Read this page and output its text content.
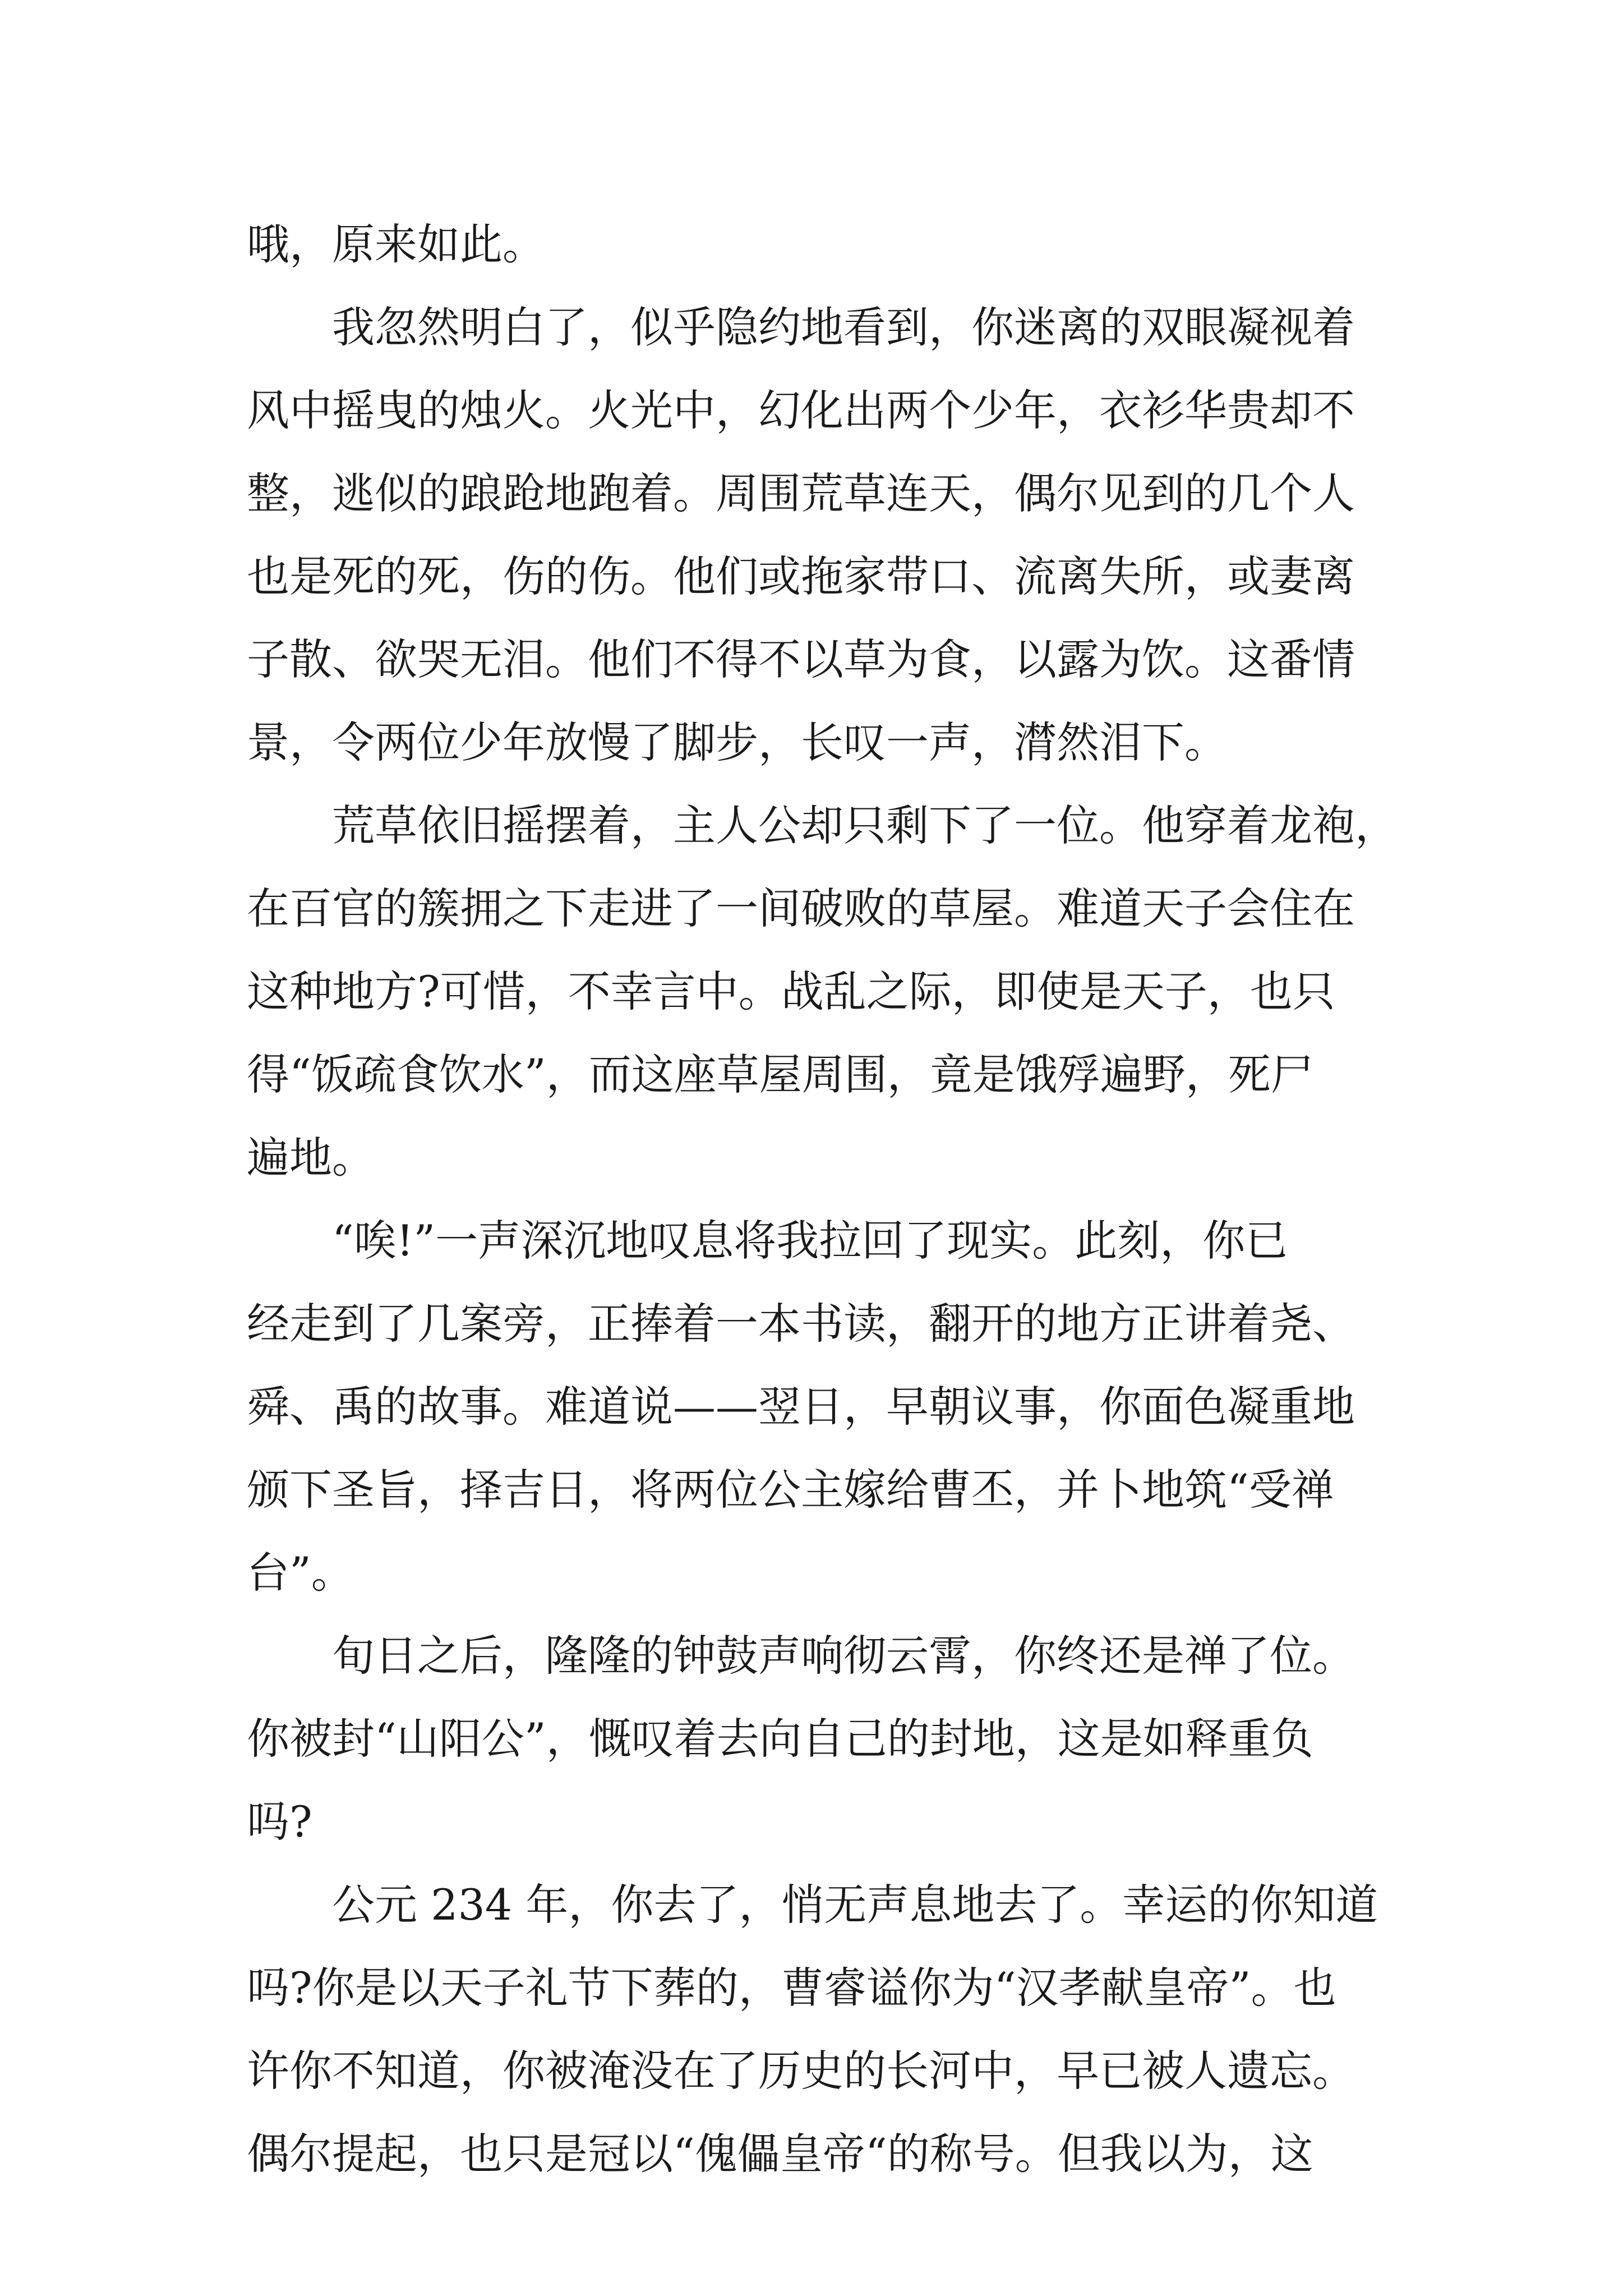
哦，原来如此。
我忽然明白了，似乎隐约地看到，你迷离的双眼凝视着
风中摇曳的烛火。火光中，幻化出两个少年，衣衫华贵却不
整，逃似的踉跄地跑着。周围荒草连天，偶尔见到的几个人
也是死的死，伤的伤。他们或拖家带口、流离失所，或妻离
子散、欲哭无泪。他们不得不以草为食，以露为饮。这番情
景，令两位少年放慢了脚步，长叹一声，潸然泪下。
荒草依旧摇摆着，主人公却只剩下了一位。他穿着龙袍，
在百官的簇拥之下走进了一间破败的草屋。难道天子会住在
这种地方?可惜，不幸言中。战乱之际，即使是天子，也只
得“饭疏食饮水”，而这座草屋周围，竟是饿殍遍野，死尸
遍地。
“唉!”一声深沉地叹息将我拉回了现实。此刻，你已
经走到了几案旁，正捧着一本书读，翻开的地方正讲着尧、
舜、禹的故事。难道说——翌日，早朝议事，你面色凝重地
颁下圣旨，择吉日，将两位公主嫁给曹丕，并卜地筑“受禅
台”。
旬日之后，隆隆的钟鼓声响彻云霄，你终还是禅了位。
你被封“山阳公”，慨叹着去向自己的封地，这是如释重负
吗?
公元 234 年，你去了，悄无声息地去了。幸运的你知道
吗?你是以天子礼节下葬的，曹睿谥你为“汉孝献皇帝”。也
许你不知道，你被淹没在了历史的长河中，早已被人遗忘。
偶尔提起，也只是冠以“傀儡皇帝“的称号。但我以为，这
